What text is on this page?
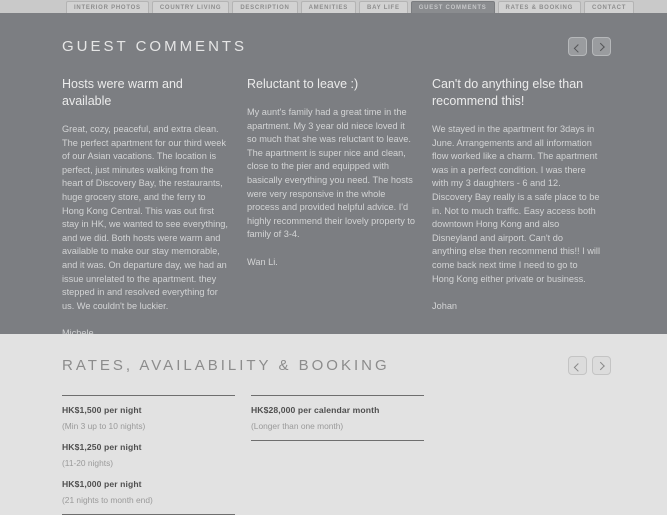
INTERIOR PHOTOS	COUNTRY LIVING	DESCRIPTION	AMENITIES	BAY LIFE	GUEST COMMENTS	RATES & BOOKING	CONTACT
GUEST COMMENTS
Hosts were warm and available

Great, cozy, peaceful, and extra clean. The perfect apartment for our third week of our Asian vacations. The location is perfect, just minutes walking from the heart of Discovery Bay, the restaurants, huge grocery store, and the ferry to Hong Kong Central. This was out first stay in HK, we wanted to see everything, and we did. Both hosts were warm and available to make our stay memorable, and it was. On departure day, we had an issue unrelated to the apartment. they stepped in and resolved everything for us. We couldn't be luckier.

Reluctant to leave :)

My aunt's family had a great time in the apartment. My 3 year old niece loved it so much that she was reluctant to leave. The apartment is super nice and clean, close to the pier and equipped with basically everything you need. The hosts were very responsive in the whole process and provided helpful advice. I'd highly recommend their lovely property to family of 3-4.

Wan Li.

Can't do anything else than recommend this!

We stayed in the apartment for 3days in June. Arrangements and all information flow worked like a charm. The apartment was in a perfect condition. I was there with my 3 daughters - 6 and 12. Discovery Bay really is a safe place to be in. Not to much traffic. Easy access both downtown Hong Kong and also Disneyland and airport. Can't do anything else then recommend this!! I will come back next time I need to go to Hong Kong either private or business.

Johan

RATES, AVAILABILITY & BOOKING

HK$1,500 per night

(Min 3 up to 10 nights)

HK$1,250 per night

(11-20 nights)

HK$1,000 per night

(21 nights to month end)

HK$28,000 per calendar month

(Longer than one month)
